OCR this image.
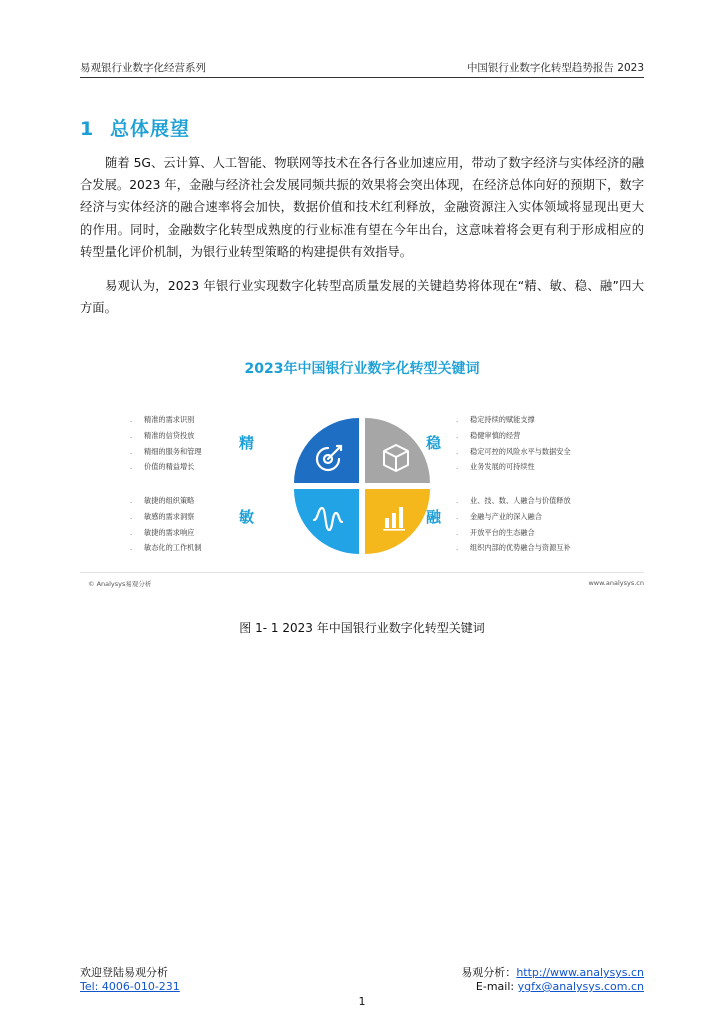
易观银行业数字化经营系列	中国银行业数字化转型趋势报告 2023
1 总体展望

随着 5G、云计算、人工智能、物联网等技术在各行各业加速应用，带动了数字经济与实体经济的融合发展。2023 年，金融与经济社会发展同频共振的效果将会突出体现，在经济总体向好的预期下，数字经济与实体经济的融合速率将会加快，数据价值和技术红利释放，金融资源注入实体领域将显现出更大的作用。同时，金融数字化转型成熟度的行业标准有望在今年出台，这意味着将会更有利于形成相应的转型量化评价机制，为银行业转型策略的构建提供有效指导。

易观认为，2023 年银行业实现数字化转型高质量发展的关键趋势将体现在“精、敏、稳、融”四大方面。

2023年中国银行业数字化转型关键词
. 精准的需求识别
. 精准的信贷投放
. 精细的服务和管理
. 价值的精益增长
. 敏捷的组织策略
. 敏感的需求洞察
. 敏捷的需求响应
. 敏态化的工作机制
. 稳定持续的赋能支撑
. 稳健审慎的经营
. 稳定可控的风险水平与数据安全
. 业务发展的可持续性
. 业、技、数、人融合与价值释放
. 金融与产业的深入融合
. 开放平台的生态融合
. 组织内部的优势融合与资源互补
精
敏
稳
融
© Analysys易观分析	www.analysys.cn
图 1- 1 2023 年中国银行业数字化转型关键词
欢迎登陆易观分析
Tel: 4006-010-231
易观分析：http://www.analysys.cn
E-mail: ygfx@analysys.com.cn
1
